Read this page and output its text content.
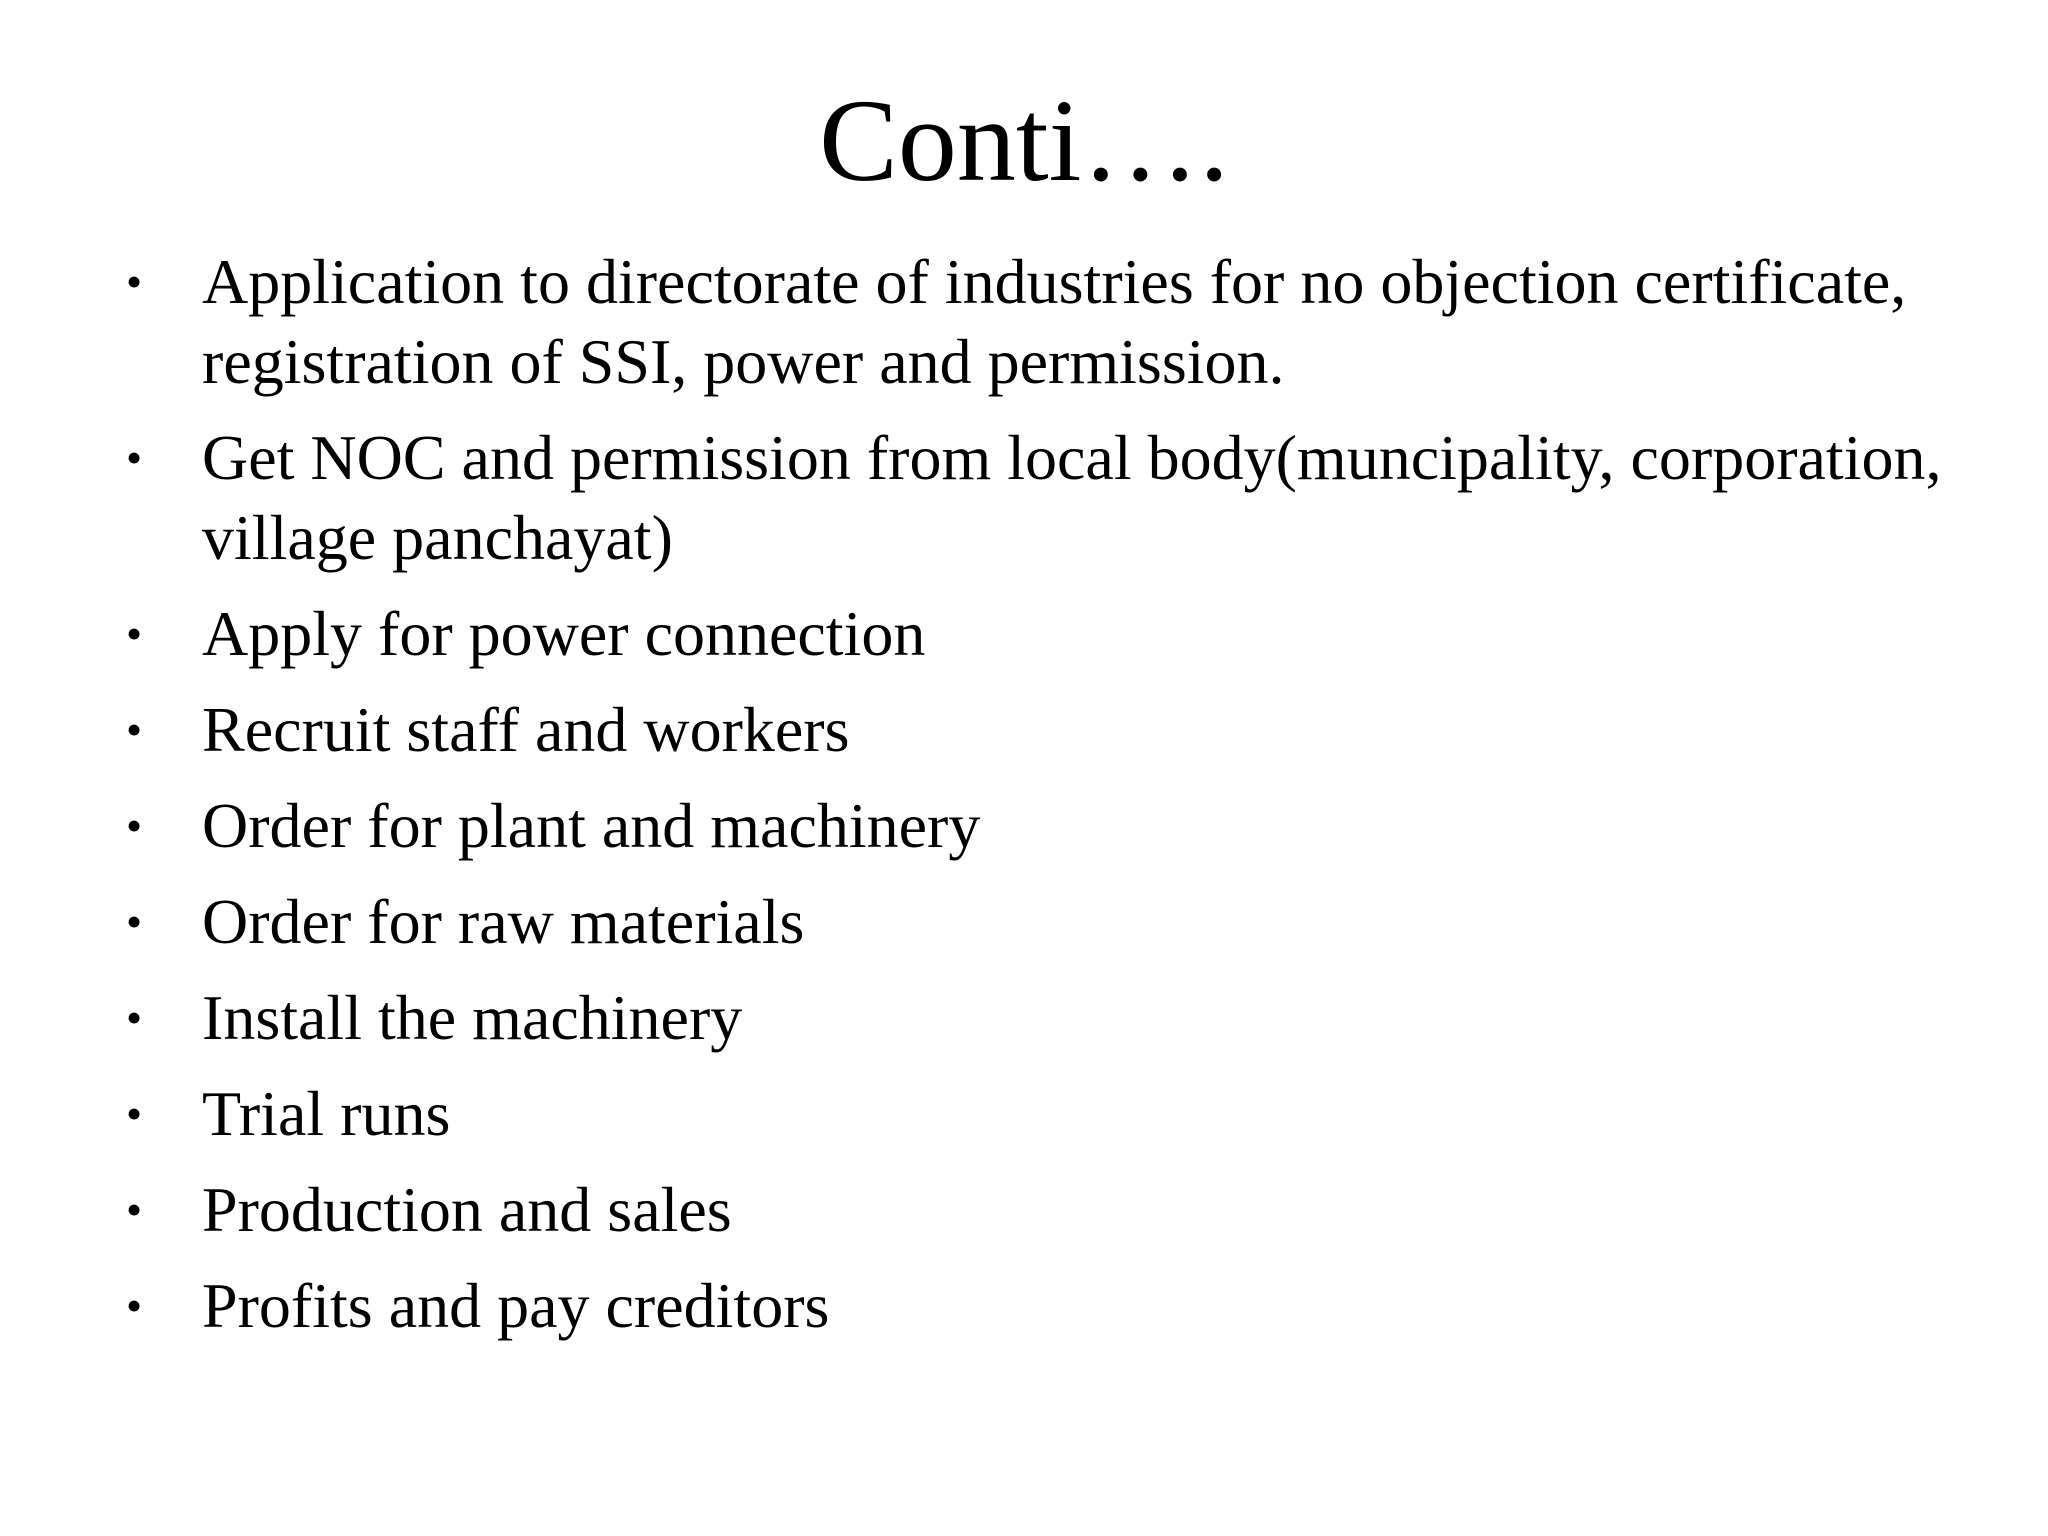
Conti….
• Application to directorate of industries for no objection certificate, registration of SSI, power and permission.
• Get NOC and permission from local body(muncipality, corporation, village panchayat)
• Apply for power connection
• Recruit staff and workers
• Order for plant and machinery
• Order for raw materials
• Install the machinery
• Trial runs
• Production and sales
• Profits and pay creditors
